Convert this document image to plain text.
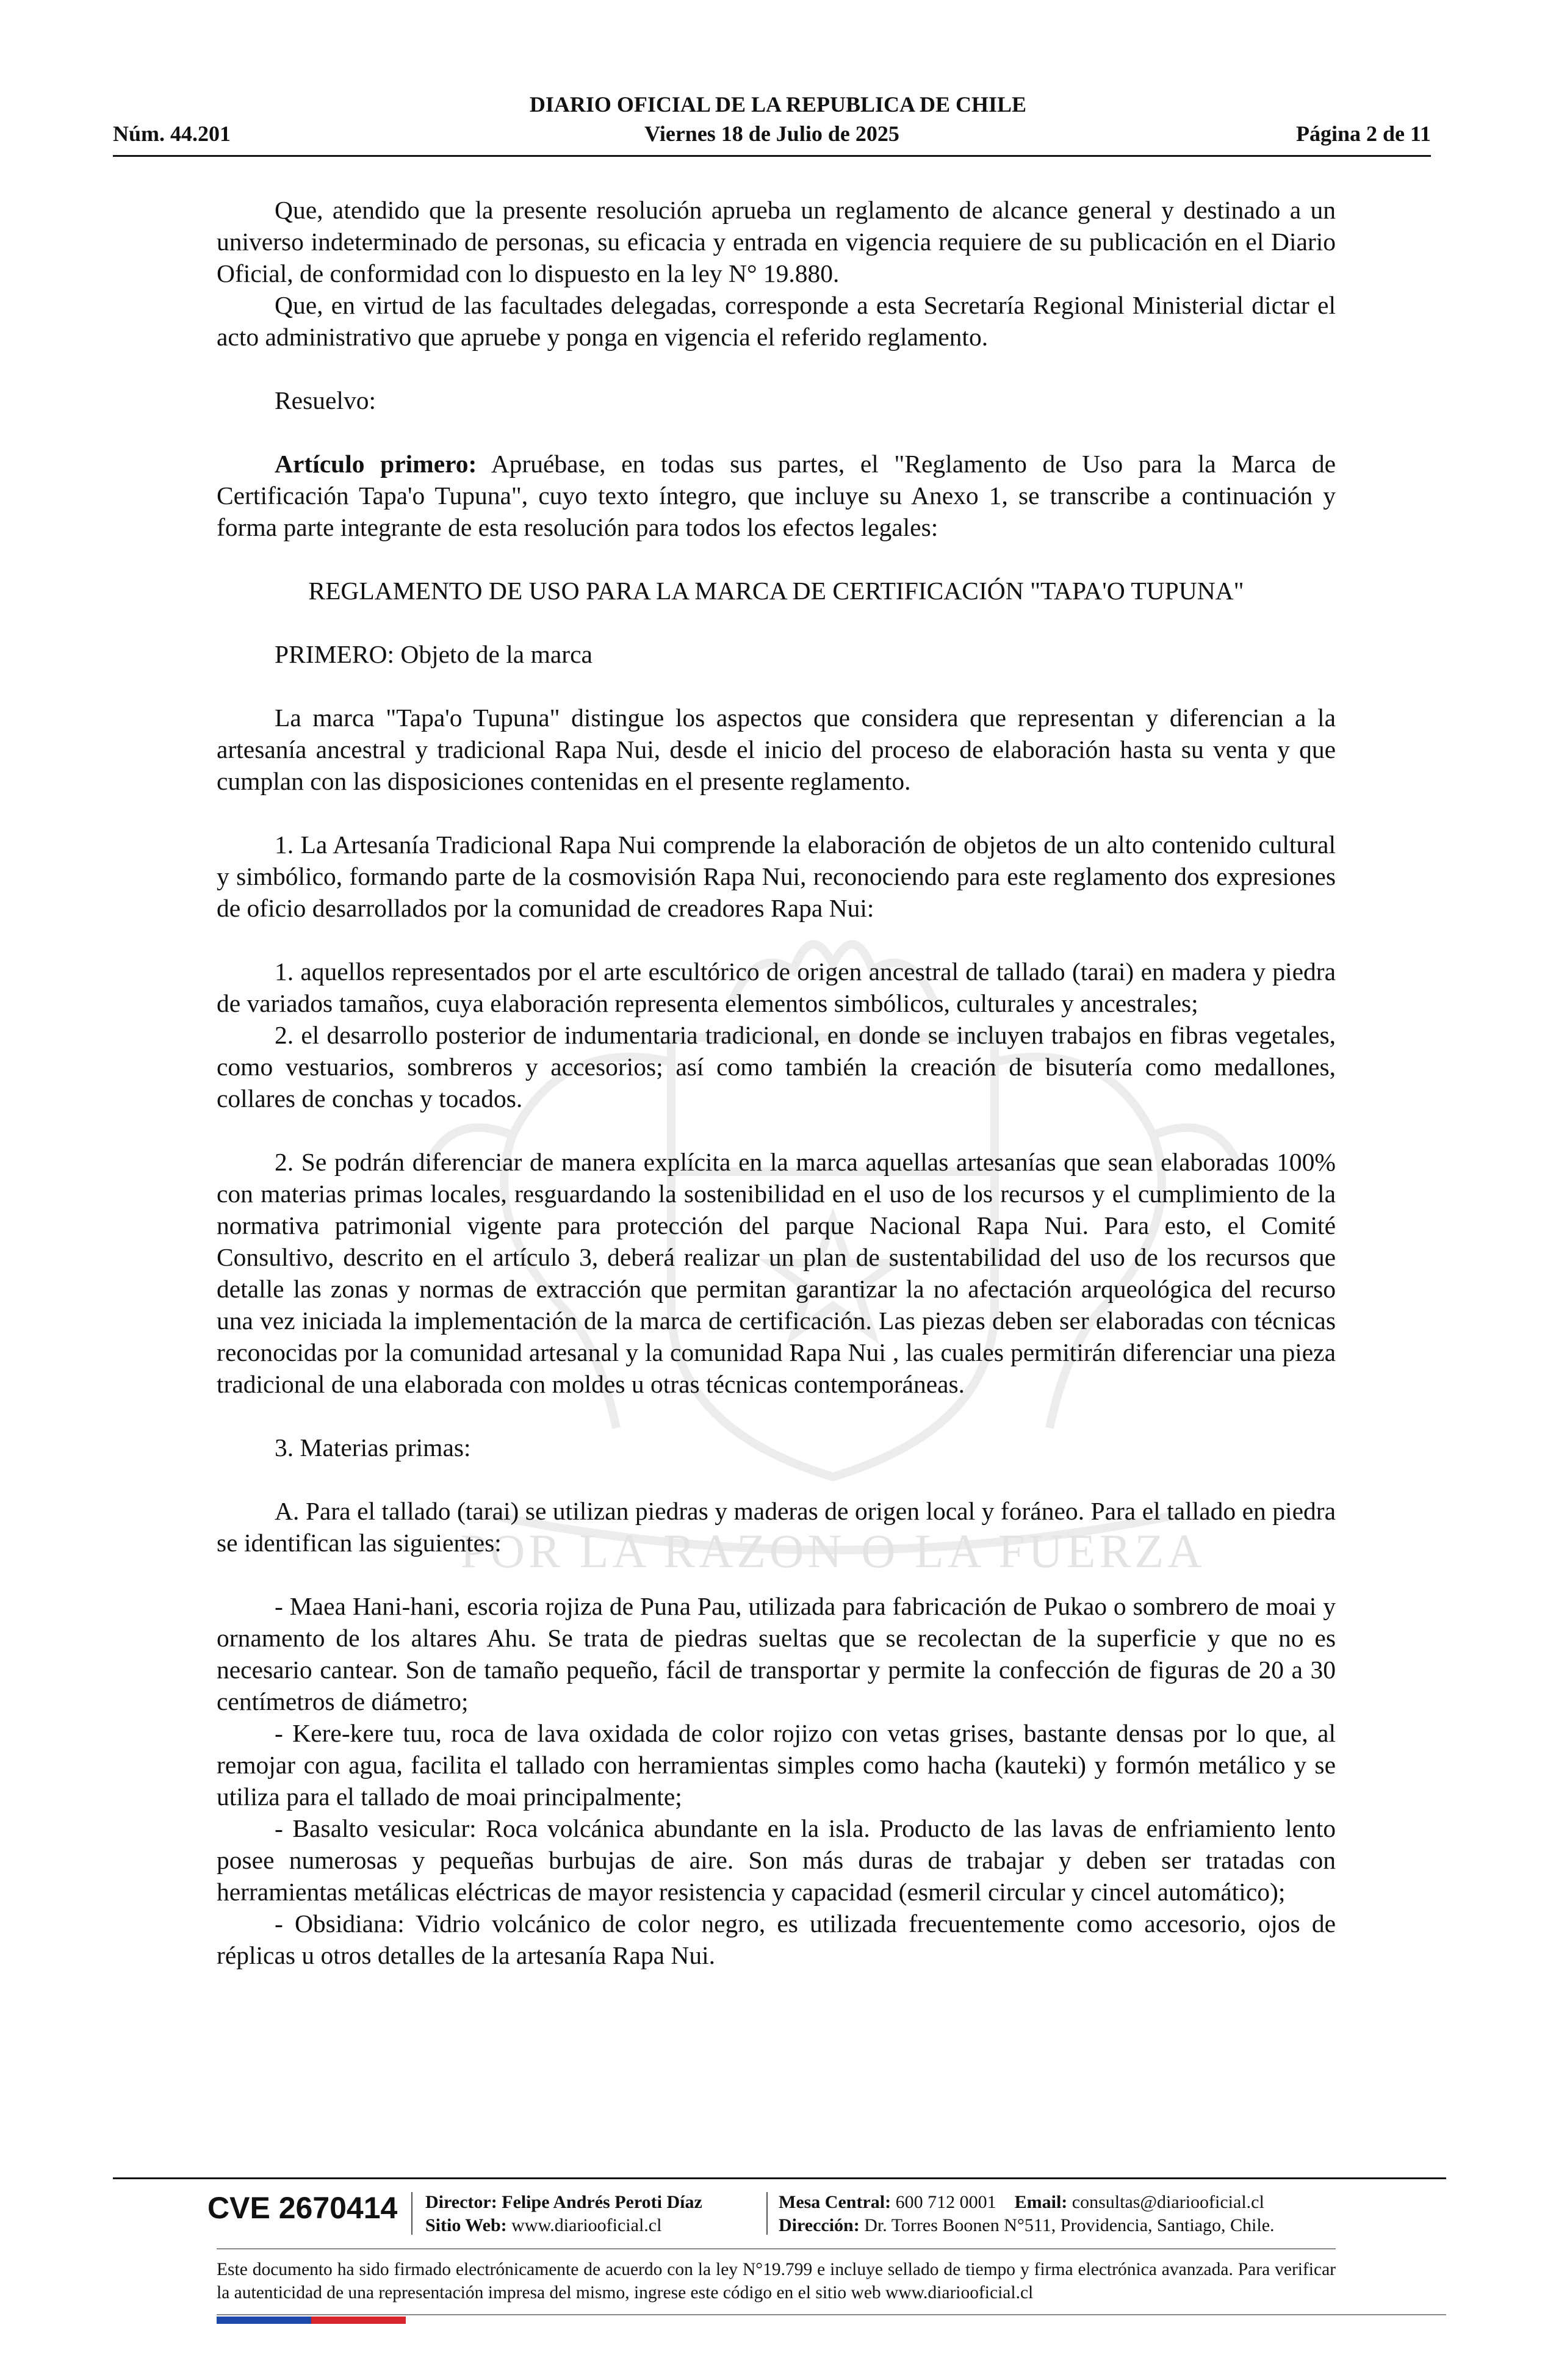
POR LA RAZON O LA FUERZA
DIARIO OFICIAL DE LA REPUBLICA DE CHILE
Núm. 44.201	Viernes 18 de Julio de 2025	Página 2 de 11

Que, atendido que la presente resolución aprueba un reglamento de alcance general y destinado a un universo indeterminado de personas, su eficacia y entrada en vigencia requiere de su publicación en el Diario Oficial, de conformidad con lo dispuesto en la ley N° 19.880.

Que, en virtud de las facultades delegadas, corresponde a esta Secretaría Regional Ministerial dictar el acto administrativo que apruebe y ponga en vigencia el referido reglamento.

Resuelvo:

Artículo primero: Apruébase, en todas sus partes, el "Reglamento de Uso para la Marca de Certificación Tapa'o Tupuna", cuyo texto íntegro, que incluye su Anexo 1, se transcribe a continuación y forma parte integrante de esta resolución para todos los efectos legales:

REGLAMENTO DE USO PARA LA MARCA DE CERTIFICACIÓN "TAPA'O TUPUNA"

PRIMERO: Objeto de la marca

La marca "Tapa'o Tupuna" distingue los aspectos que considera que representan y diferencian a la artesanía ancestral y tradicional Rapa Nui, desde el inicio del proceso de elaboración hasta su venta y que cumplan con las disposiciones contenidas en el presente reglamento.

1. La Artesanía Tradicional Rapa Nui comprende la elaboración de objetos de un alto contenido cultural y simbólico, formando parte de la cosmovisión Rapa Nui, reconociendo para este reglamento dos expresiones de oficio desarrollados por la comunidad de creadores Rapa Nui:

1. aquellos representados por el arte escultórico de origen ancestral de tallado (tarai) en madera y piedra de variados tamaños, cuya elaboración representa elementos simbólicos, culturales y ancestrales;

2. el desarrollo posterior de indumentaria tradicional, en donde se incluyen trabajos en fibras vegetales, como vestuarios, sombreros y accesorios; así como también la creación de bisutería como medallones, collares de conchas y tocados.

2. Se podrán diferenciar de manera explícita en la marca aquellas artesanías que sean elaboradas 100% con materias primas locales, resguardando la sostenibilidad en el uso de los recursos y el cumplimiento de la normativa patrimonial vigente para protección del parque Nacional Rapa Nui. Para esto, el Comité Consultivo, descrito en el artículo 3, deberá realizar un plan de sustentabilidad del uso de los recursos que detalle las zonas y normas de extracción que permitan garantizar la no afectación arqueológica del recurso una vez iniciada la implementación de la marca de certificación. Las piezas deben ser elaboradas con técnicas reconocidas por la comunidad artesanal y la comunidad Rapa Nui , las cuales permitirán diferenciar una pieza tradicional de una elaborada con moldes u otras técnicas contemporáneas.

3. Materias primas:

A. Para el tallado (tarai) se utilizan piedras y maderas de origen local y foráneo. Para el tallado en piedra se identifican las siguientes:

- Maea Hani-hani, escoria rojiza de Puna Pau, utilizada para fabricación de Pukao o sombrero de moai y ornamento de los altares Ahu. Se trata de piedras sueltas que se recolectan de la superficie y que no es necesario cantear. Son de tamaño pequeño, fácil de transportar y permite la confección de figuras de 20 a 30 centímetros de diámetro;

- Kere-kere tuu, roca de lava oxidada de color rojizo con vetas grises, bastante densas por lo que, al remojar con agua, facilita el tallado con herramientas simples como hacha (kauteki) y formón metálico y se utiliza para el tallado de moai principalmente;

- Basalto vesicular: Roca volcánica abundante en la isla. Producto de las lavas de enfriamiento lento posee numerosas y pequeñas burbujas de aire. Son más duras de trabajar y deben ser tratadas con herramientas metálicas eléctricas de mayor resistencia y capacidad (esmeril circular y cincel automático);

- Obsidiana: Vidrio volcánico de color negro, es utilizada frecuentemente como accesorio, ojos de réplicas u otros detalles de la artesanía Rapa Nui.

CVE 2670414 Director: Felipe Andrés Peroti Díaz
Sitio Web: www.diariooficial.cl
Mesa Central: 600 712 0001 Email: consultas@diariooficial.cl
Dirección: Dr. Torres Boonen N°511, Providencia, Santiago, Chile.
Este documento ha sido firmado electrónicamente de acuerdo con la ley N°19.799 e incluye sellado de tiempo y firma electrónica avanzada. Para verificar la autenticidad de una representación impresa del mismo, ingrese este código en el sitio web www.diariooficial.cl
